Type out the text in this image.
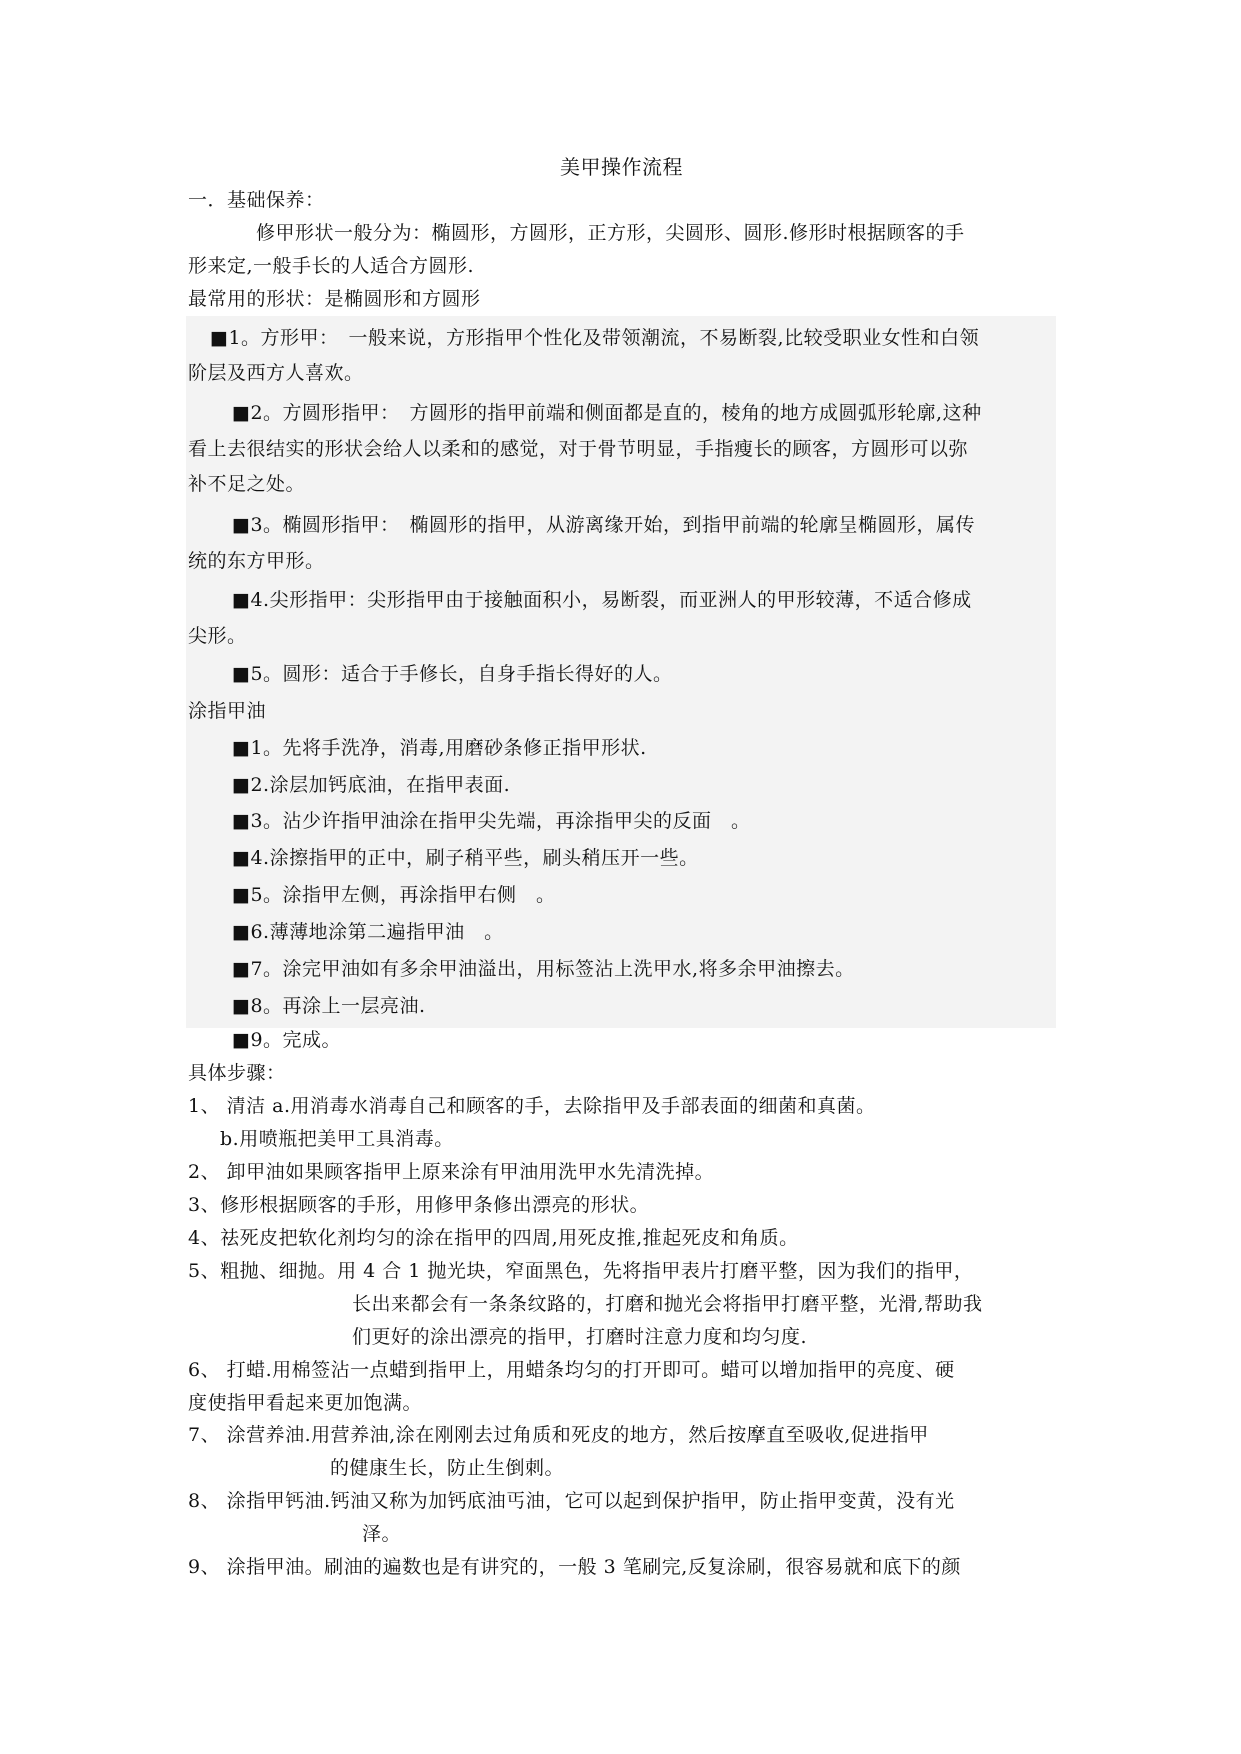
美甲操作流程
一．基础保养：
修甲形状一般分为：椭圆形，方圆形，正方形，尖圆形、圆形.修形时根据顾客的手
形来定,一般手长的人适合方圆形.
最常用的形状：是椭圆形和方圆形
■1。方形甲：　一般来说，方形指甲个性化及带领潮流，不易断裂,比较受职业女性和白领
阶层及西方人喜欢。
■2。方圆形指甲：　方圆形的指甲前端和侧面都是直的，棱角的地方成圆弧形轮廓,这种
看上去很结实的形状会给人以柔和的感觉，对于骨节明显，手指瘦长的顾客，方圆形可以弥
补不足之处。
■3。椭圆形指甲：　椭圆形的指甲，从游离缘开始，到指甲前端的轮廓呈椭圆形，属传
统的东方甲形。
■4.尖形指甲：尖形指甲由于接触面积小，易断裂，而亚洲人的甲形较薄，不适合修成
尖形。
■5。圆形：适合于手修长，自身手指长得好的人。
涂指甲油
■1。先将手洗净，消毒,用磨砂条修正指甲形状.
■2.涂层加钙底油，在指甲表面.
■3。沾少许指甲油涂在指甲尖先端，再涂指甲尖的反面　。
■4.涂擦指甲的正中，刷子稍平些，刷头稍压开一些。
■5。涂指甲左侧，再涂指甲右侧　。
■6.薄薄地涂第二遍指甲油　。
■7。涂完甲油如有多余甲油溢出，用标签沾上洗甲水,将多余甲油擦去。
■8。再涂上一层亮油.
■9。完成。
具体步骤：
1、 清洁 a.用消毒水消毒自己和顾客的手，去除指甲及手部表面的细菌和真菌。
b.用喷瓶把美甲工具消毒。
2、 卸甲油如果顾客指甲上原来涂有甲油用洗甲水先清洗掉。
3、修形根据顾客的手形，用修甲条修出漂亮的形状。
4、祛死皮把软化剂均匀的涂在指甲的四周,用死皮推,推起死皮和角质。
5、粗抛、细抛。用 4 合 1 抛光块，窄面黑色，先将指甲表片打磨平整，因为我们的指甲，
长出来都会有一条条纹路的，打磨和抛光会将指甲打磨平整，光滑,帮助我
们更好的涂出漂亮的指甲，打磨时注意力度和均匀度.
6、 打蜡.用棉签沾一点蜡到指甲上，用蜡条均匀的打开即可。蜡可以增加指甲的亮度、硬
度使指甲看起来更加饱满。
7、 涂营养油.用营养油,涂在刚刚去过角质和死皮的地方，然后按摩直至吸收,促进指甲
的健康生长，防止生倒刺。
8、 涂指甲钙油.钙油又称为加钙底油丐油，它可以起到保护指甲，防止指甲变黄，没有光
泽。
9、 涂指甲油。刷油的遍数也是有讲究的，一般 3 笔刷完,反复涂刷，很容易就和底下的颜
